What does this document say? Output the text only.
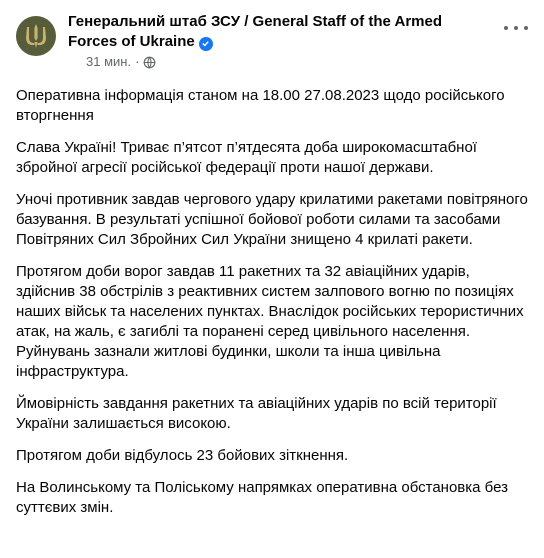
Генеральний штаб ЗСУ / General Staff of the Armed Forces of Ukraine
31 мин. ·

Оперативна інформація станом на 18.00 27.08.2023 щодо російського вторгнення

Слава Україні! Триває п’ятсот п’ятдесята доба широкомасштабної збройної агресії російської федерації проти нашої держави.

Уночі противник завдав чергового удару крилатими ракетами повітряного базування. В результаті успішної бойової роботи силами та засобами Повітряних Сил Збройних Сил України знищено 4 крилаті ракети.

Протягом доби ворог завдав 11 ракетних та 32 авіаційних ударів, здійснив 38 обстрілів з реактивних систем залпового вогню по позиціях наших військ та населених пунктах. Внаслідок російських терористичних атак, на жаль, є загиблі та поранені серед цивільного населення. Руйнувань зазнали житлові будинки, школи та інша цивільна інфраструктура.

Ймовірність завдання ракетних та авіаційних ударів по всій території України залишається високою.

Протягом доби відбулось 23 бойових зіткнення.

На Волинському та Поліському напрямках оперативна обстановка без суттєвих змін.
